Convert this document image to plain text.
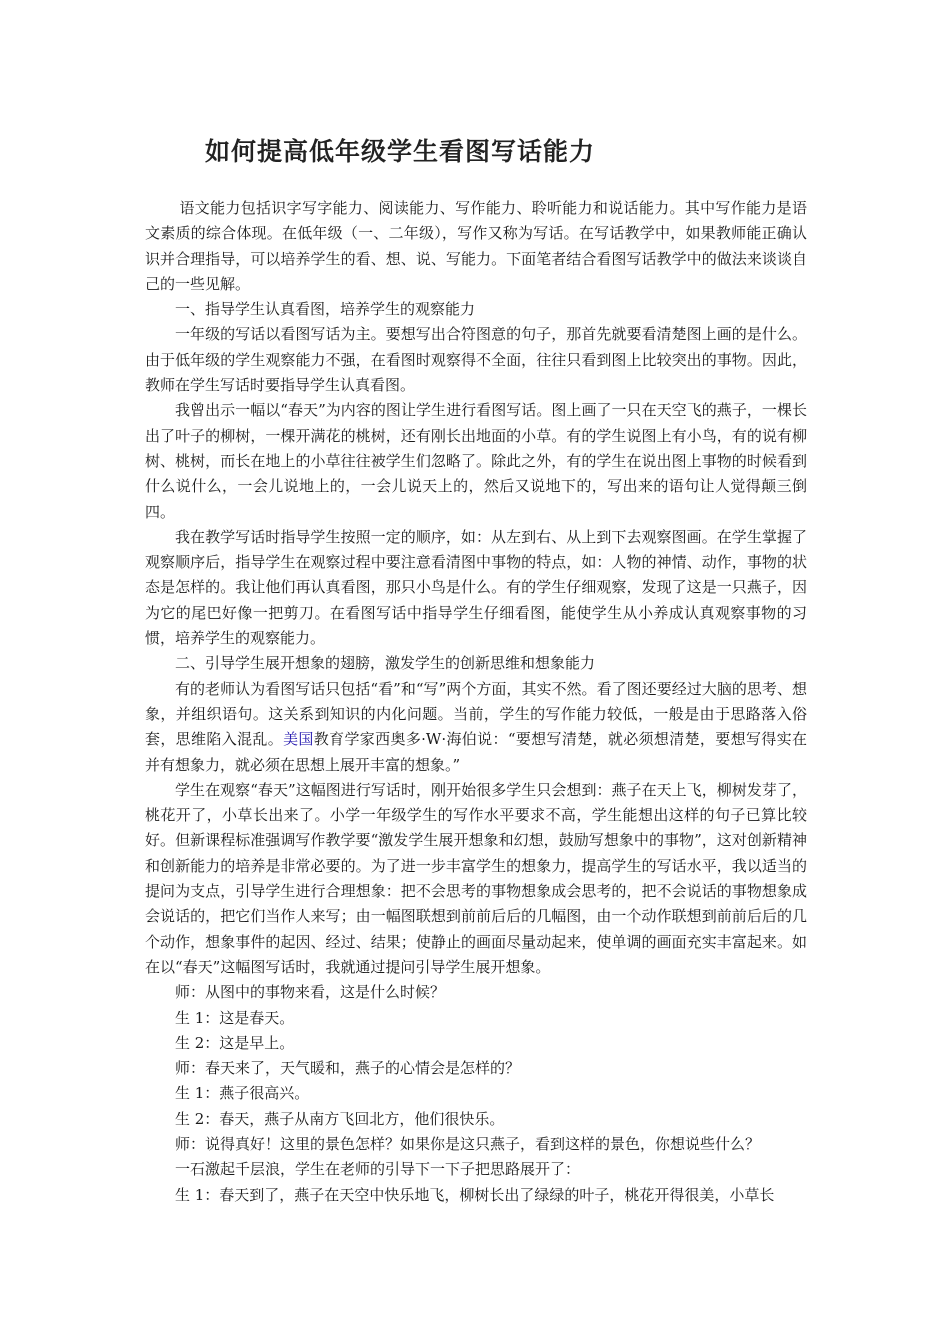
如何提高低年级学生看图写话能力

语文能力包括识字写字能力、阅读能力、写作能力、聆听能力和说话能力。其中写作能力是语文素质的综合体现。在低年级（一、二年级），写作又称为写话。在写话教学中，如果教师能正确认识并合理指导，可以培养学生的看、想、说、写能力。下面笔者结合看图写话教学中的做法来谈谈自己的一些见解。

一、指导学生认真看图，培养学生的观察能力

一年级的写话以看图写话为主。要想写出合符图意的句子，那首先就要看清楚图上画的是什么。由于低年级的学生观察能力不强，在看图时观察得不全面，往往只看到图上比较突出的事物。因此，教师在学生写话时要指导学生认真看图。

我曾出示一幅以“春天”为内容的图让学生进行看图写话。图上画了一只在天空飞的燕子，一棵长出了叶子的柳树，一棵开满花的桃树，还有刚长出地面的小草。有的学生说图上有小鸟，有的说有柳树、桃树，而长在地上的小草往往被学生们忽略了。除此之外，有的学生在说出图上事物的时候看到什么说什么，一会儿说地上的，一会儿说天上的，然后又说地下的，写出来的语句让人觉得颠三倒四。

我在教学写话时指导学生按照一定的顺序，如：从左到右、从上到下去观察图画。在学生掌握了观察顺序后，指导学生在观察过程中要注意看清图中事物的特点，如：人物的神情、动作，事物的状态是怎样的。我让他们再认真看图，那只小鸟是什么。有的学生仔细观察，发现了这是一只燕子，因为它的尾巴好像一把剪刀。在看图写话中指导学生仔细看图，能使学生从小养成认真观察事物的习惯，培养学生的观察能力。

二、引导学生展开想象的翅膀，激发学生的创新思维和想象能力

有的老师认为看图写话只包括“看”和“写”两个方面，其实不然。看了图还要经过大脑的思考、想象，并组织语句。这关系到知识的内化问题。当前，学生的写作能力较低，一般是由于思路落入俗套，思维陷入混乱。美国教育学家西奥多·W·海伯说：“要想写清楚，就必须想清楚，要想写得实在并有想象力，就必须在思想上展开丰富的想象。”

学生在观察“春天”这幅图进行写话时，刚开始很多学生只会想到：燕子在天上飞，柳树发芽了，桃花开了，小草长出来了。小学一年级学生的写作水平要求不高，学生能想出这样的句子已算比较好。但新课程标准强调写作教学要“激发学生展开想象和幻想，鼓励写想象中的事物”，这对创新精神和创新能力的培养是非常必要的。为了进一步丰富学生的想象力，提高学生的写话水平，我以适当的提问为支点，引导学生进行合理想象：把不会思考的事物想象成会思考的，把不会说话的事物想象成会说话的，把它们当作人来写；由一幅图联想到前前后后的几幅图，由一个动作联想到前前后后的几个动作，想象事件的起因、经过、结果；使静止的画面尽量动起来，使单调的画面充实丰富起来。如在以“春天”这幅图写话时，我就通过提问引导学生展开想象。

师：从图中的事物来看，这是什么时候？

生 1：这是春天。

生 2：这是早上。

师：春天来了，天气暖和，燕子的心情会是怎样的？

生 1：燕子很高兴。

生 2：春天，燕子从南方飞回北方，他们很快乐。

师：说得真好！这里的景色怎样？如果你是这只燕子，看到这样的景色，你想说些什么？

一石激起千层浪，学生在老师的引导下一下子把思路展开了：

生 1：春天到了，燕子在天空中快乐地飞，柳树长出了绿绿的叶子，桃花开得很美，小草长
